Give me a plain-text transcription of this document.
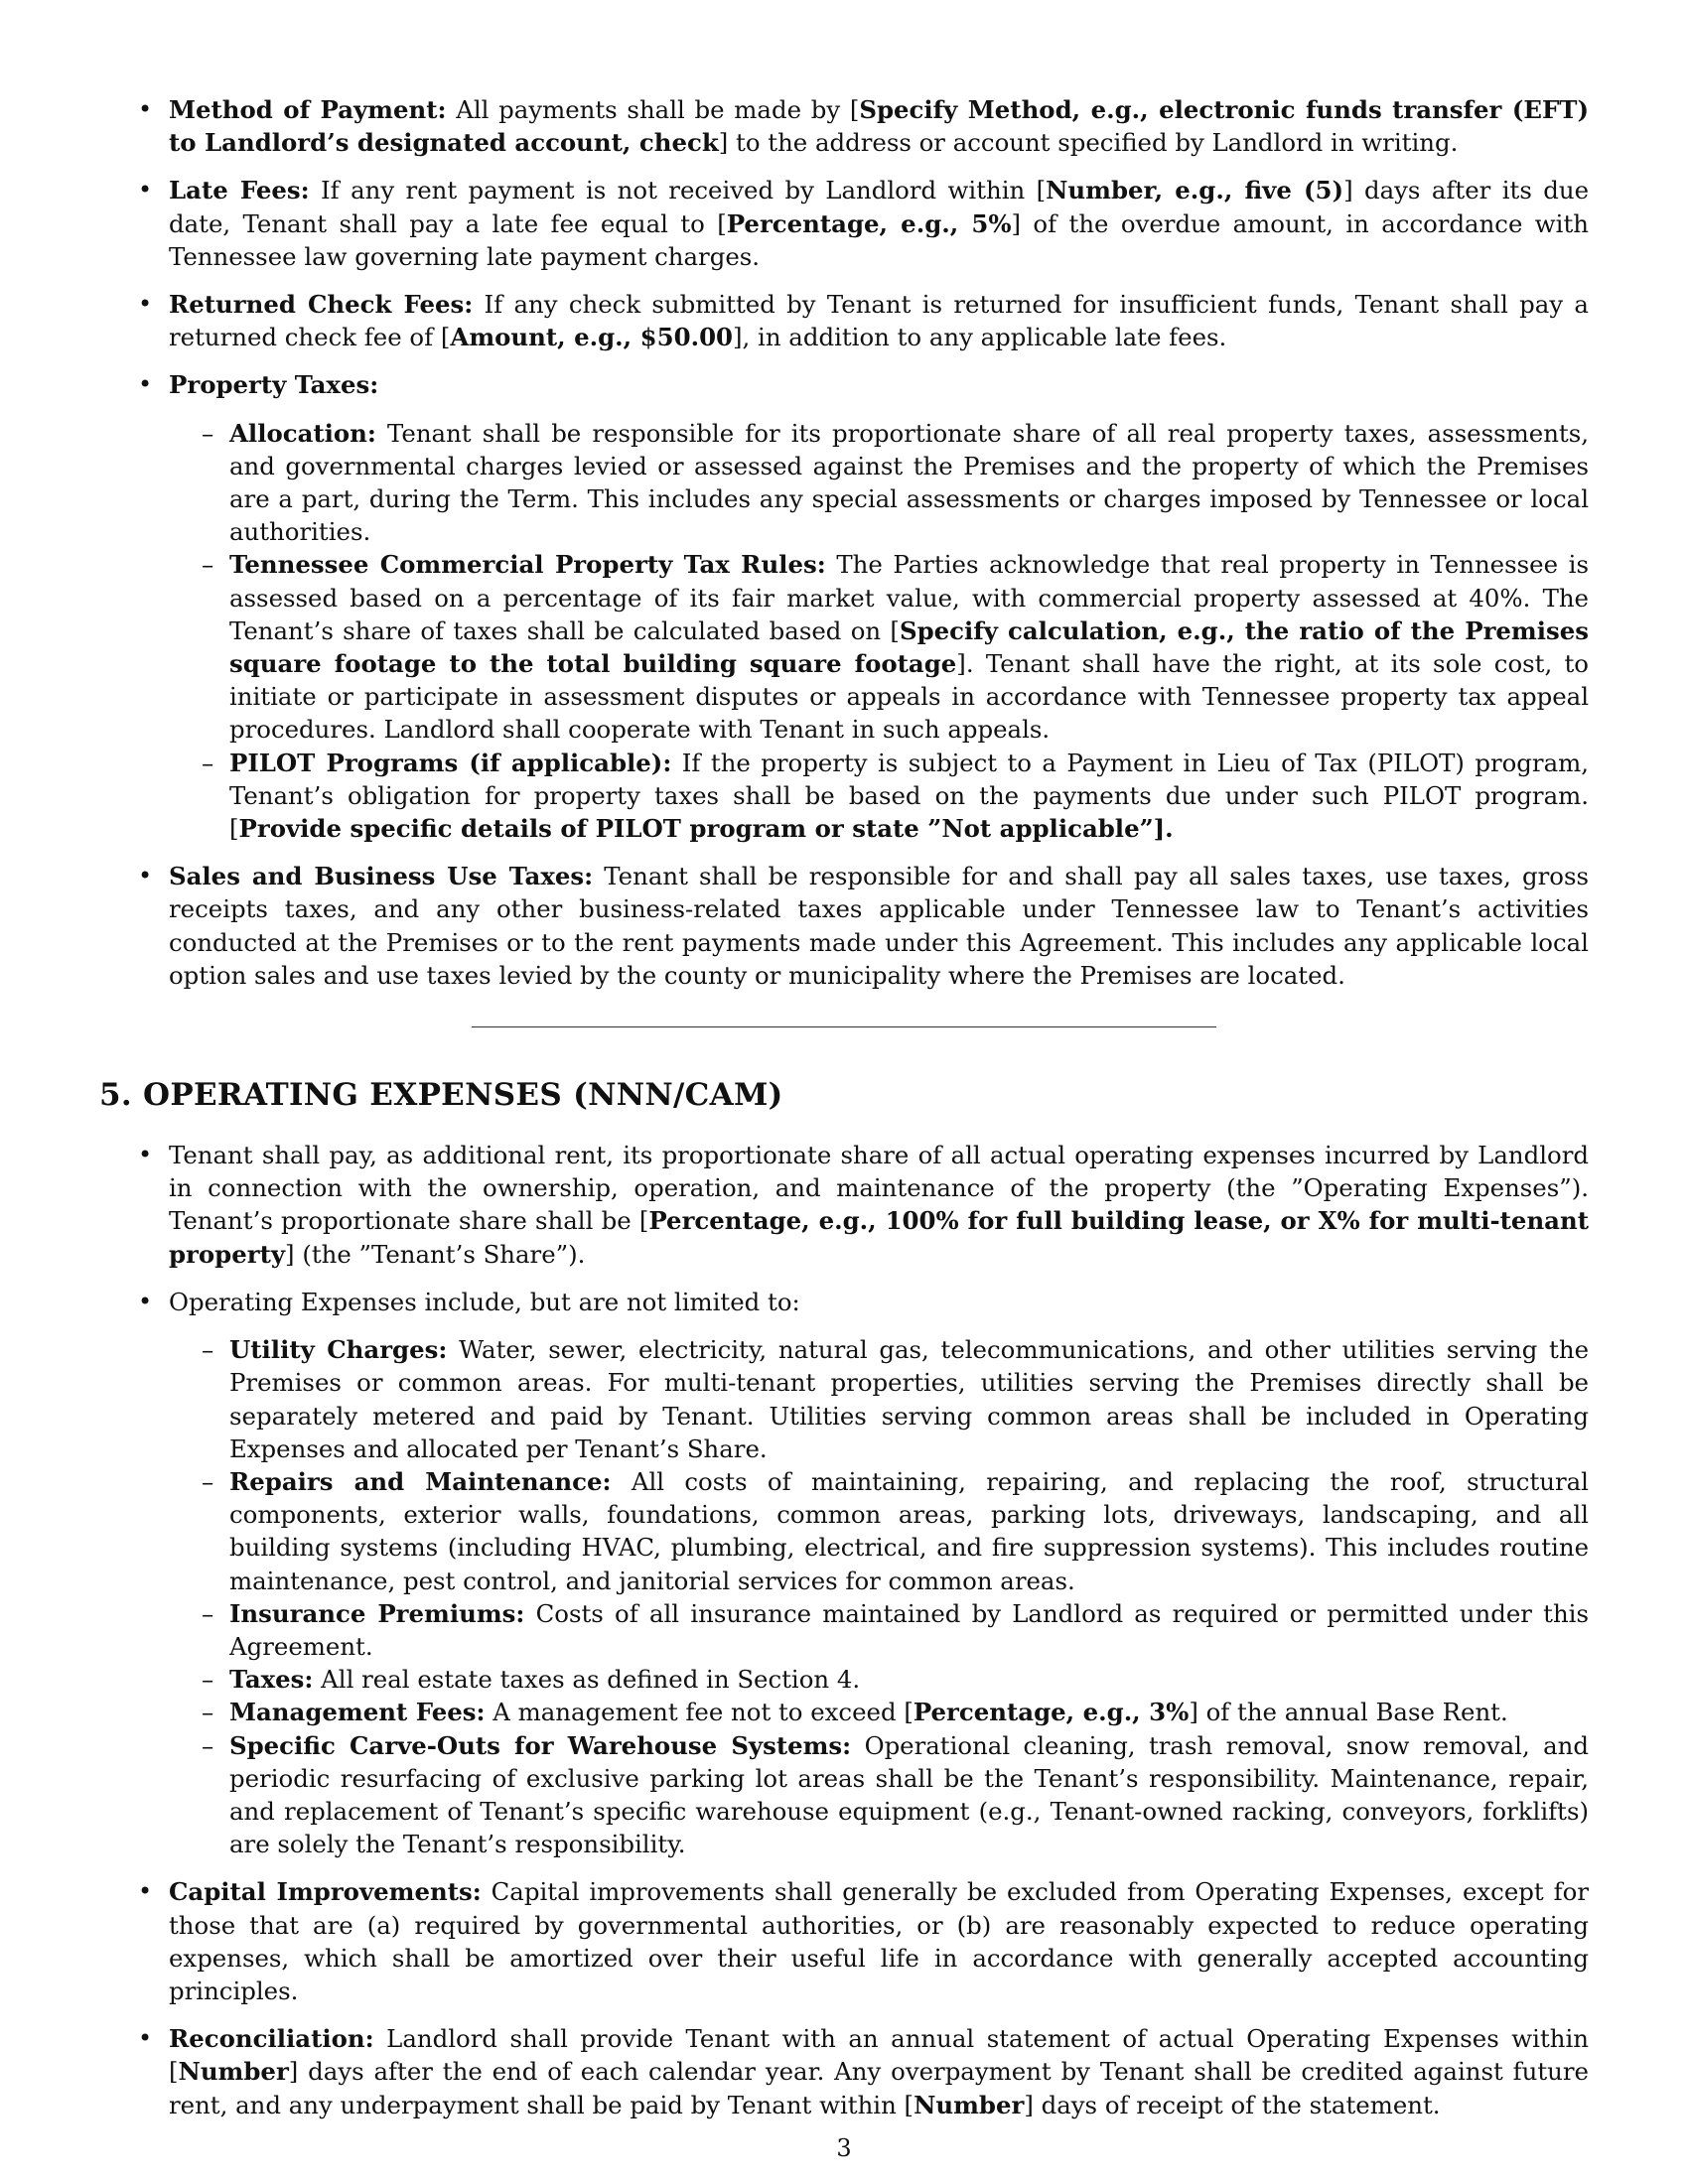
• Method of Payment: All payments shall be made by [Specify Method, e.g., electronic funds transfer (EFT) to Landlord’s designated account, check] to the address or account specified by Landlord in writing.
• Late Fees: If any rent payment is not received by Landlord within [Number, e.g., five (5)] days after its due date, Tenant shall pay a late fee equal to [Percentage, e.g., 5%] of the overdue amount, in accordance with Tennessee law governing late payment charges.
• Returned Check Fees: If any check submitted by Tenant is returned for insufficient funds, Tenant shall pay a returned check fee of [Amount, e.g., $50.00], in addition to any applicable late fees.
• Property Taxes:
– Allocation: Tenant shall be responsible for its proportionate share of all real property taxes, assessments, and governmental charges levied or assessed against the Premises and the property of which the Premises are a part, during the Term. This includes any special assessments or charges imposed by Tennessee or local authorities.
– Tennessee Commercial Property Tax Rules: The Parties acknowledge that real property in Tennessee is assessed based on a percentage of its fair market value, with commercial property assessed at 40%. The Tenant’s share of taxes shall be calculated based on [Specify calculation, e.g., the ratio of the Premises square footage to the total building square footage]. Tenant shall have the right, at its sole cost, to initiate or participate in assessment disputes or appeals in accordance with Tennessee property tax appeal procedures. Landlord shall cooperate with Tenant in such appeals.
– PILOT Programs (if applicable): If the property is subject to a Payment in Lieu of Tax (PILOT) program, Tenant’s obligation for property taxes shall be based on the payments due under such PILOT program. [Provide specific details of PILOT program or state ”Not applicable”].
• Sales and Business Use Taxes: Tenant shall be responsible for and shall pay all sales taxes, use taxes, gross receipts taxes, and any other business-related taxes applicable under Tennessee law to Tenant’s activities conducted at the Premises or to the rent payments made under this Agreement. This includes any applicable local option sales and use taxes levied by the county or municipality where the Premises are located.
5. OPERATING EXPENSES (NNN/CAM)
• Tenant shall pay, as additional rent, its proportionate share of all actual operating expenses incurred by Landlord in connection with the ownership, operation, and maintenance of the property (the ”Operating Expenses”). Tenant’s proportionate share shall be [Percentage, e.g., 100% for full building lease, or X% for multi-tenant property] (the ”Tenant’s Share”).
• Operating Expenses include, but are not limited to:
– Utility Charges: Water, sewer, electricity, natural gas, telecommunications, and other utilities serving the Premises or common areas. For multi-tenant properties, utilities serving the Premises directly shall be separately metered and paid by Tenant. Utilities serving common areas shall be included in Operating Expenses and allocated per Tenant’s Share.
– Repairs and Maintenance: All costs of maintaining, repairing, and replacing the roof, structural components, exterior walls, foundations, common areas, parking lots, driveways, landscaping, and all building systems (including HVAC, plumbing, electrical, and fire suppression systems). This includes routine maintenance, pest control, and janitorial services for common areas.
– Insurance Premiums: Costs of all insurance maintained by Landlord as required or permitted under this Agreement.
– Taxes: All real estate taxes as defined in Section 4.
– Management Fees: A management fee not to exceed [Percentage, e.g., 3%] of the annual Base Rent.
– Specific Carve-Outs for Warehouse Systems: Operational cleaning, trash removal, snow removal, and periodic resurfacing of exclusive parking lot areas shall be the Tenant’s responsibility. Maintenance, repair, and replacement of Tenant’s specific warehouse equipment (e.g., Tenant-owned racking, conveyors, forklifts) are solely the Tenant’s responsibility.
• Capital Improvements: Capital improvements shall generally be excluded from Operating Expenses, except for those that are (a) required by governmental authorities, or (b) are reasonably expected to reduce operating expenses, which shall be amortized over their useful life in accordance with generally accepted accounting principles.
• Reconciliation: Landlord shall provide Tenant with an annual statement of actual Operating Expenses within [Number] days after the end of each calendar year. Any overpayment by Tenant shall be credited against future rent, and any underpayment shall be paid by Tenant within [Number] days of receipt of the statement.
3
